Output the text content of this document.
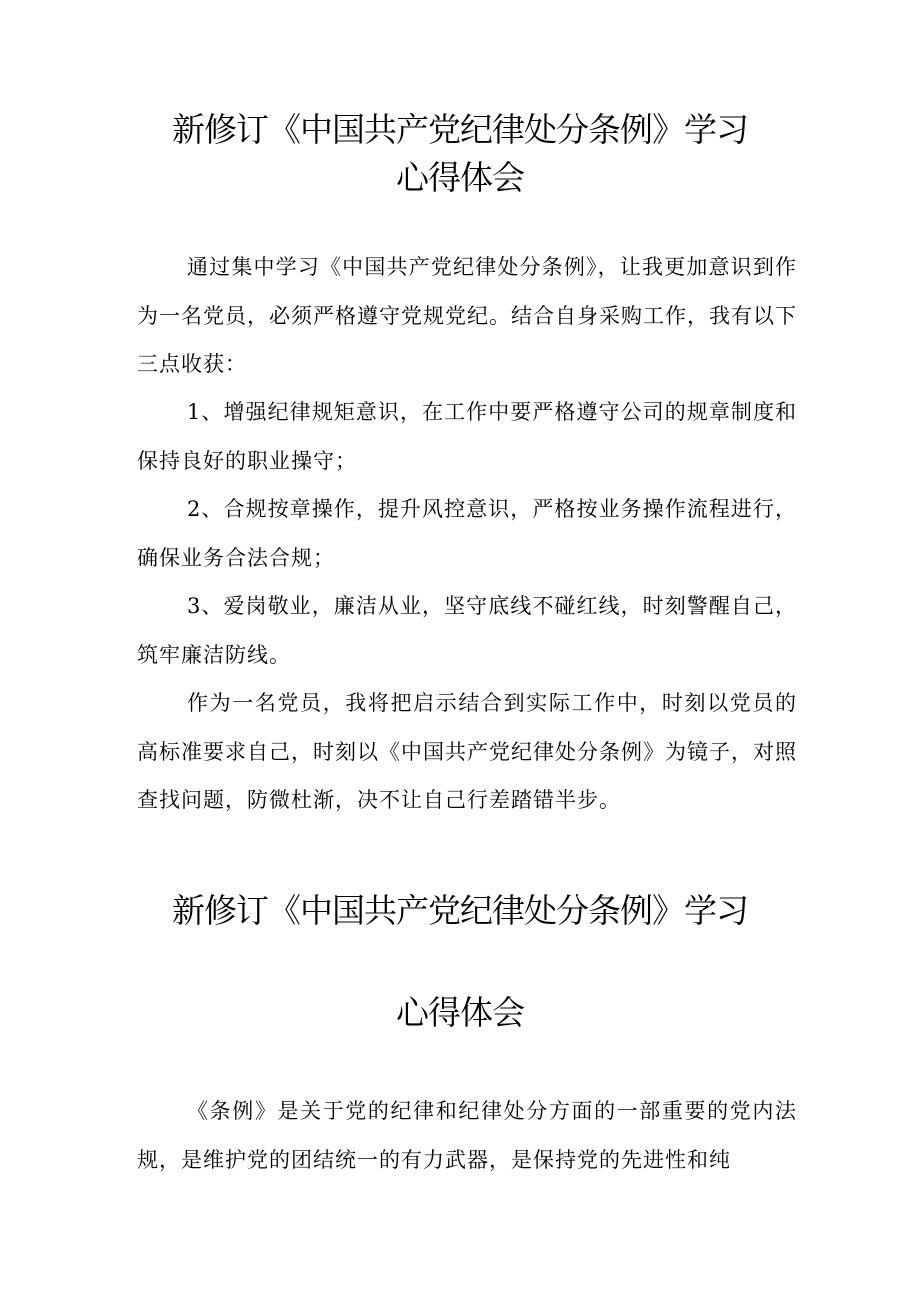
新修订《中国共产党纪律处分条例》学习
心得体会

通过集中学习《中国共产党纪律处分条例》，让我更加意识到作为一名党员，必须严格遵守党规党纪。结合自身采购工作，我有以下三点收获：

1、增强纪律规矩意识，在工作中要严格遵守公司的规章制度和保持良好的职业操守；

2、合规按章操作，提升风控意识，严格按业务操作流程进行，确保业务合法合规；

3、爱岗敬业，廉洁从业，坚守底线不碰红线，时刻警醒自己，筑牢廉洁防线。

作为一名党员，我将把启示结合到实际工作中，时刻以党员的高标准要求自己，时刻以《中国共产党纪律处分条例》为镜子，对照查找问题，防微杜渐，决不让自己行差踏错半步。

新修订《中国共产党纪律处分条例》学习
心得体会

《条例》是关于党的纪律和纪律处分方面的一部重要的党内法规，是维护党的团结统一的有力武器，是保持党的先进性和纯
